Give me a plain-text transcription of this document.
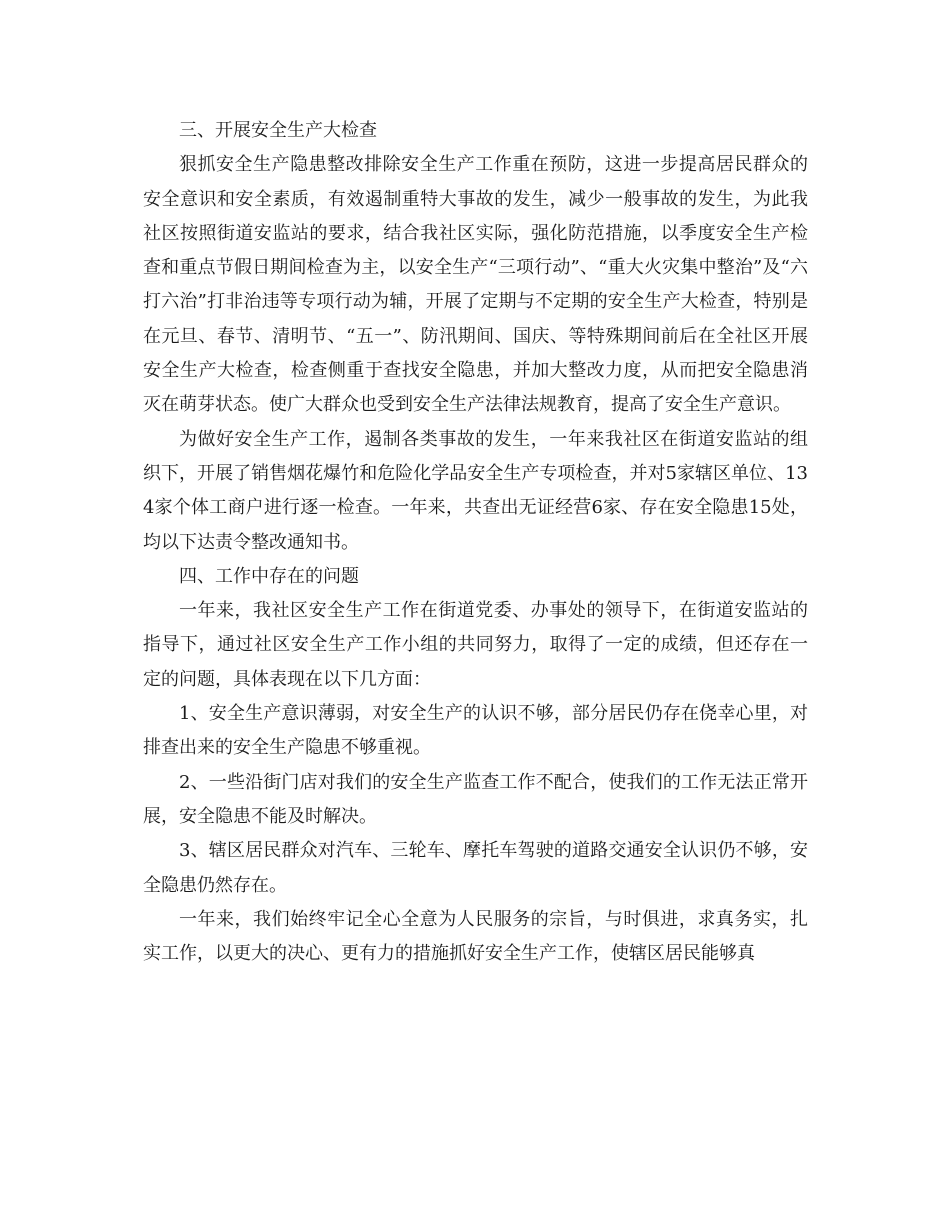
三、开展安全生产大检查

狠抓安全生产隐患整改排除安全生产工作重在预防，这进一步提高居民群众的安全意识和安全素质，有效遏制重特大事故的发生，减少一般事故的发生，为此我社区按照街道安监站的要求，结合我社区实际，强化防范措施，以季度安全生产检查和重点节假日期间检查为主，以安全生产“三项行动”、“重大火灾集中整治”及“六打六治”打非治违等专项行动为辅，开展了定期与不定期的安全生产大检查，特别是在元旦、春节、清明节、“五一”、防汛期间、国庆、等特殊期间前后在全社区开展安全生产大检查，检查侧重于查找安全隐患，并加大整改力度，从而把安全隐患消灭在萌芽状态。使广大群众也受到安全生产法律法规教育，提高了安全生产意识。

为做好安全生产工作，遏制各类事故的发生，一年来我社区在街道安监站的组织下，开展了销售烟花爆竹和危险化学品安全生产专项检查，并对5家辖区单位、134家个体工商户进行逐一检查。一年来，共查出无证经营6家、存在安全隐患15处，均以下达责令整改通知书。

四、工作中存在的问题

一年来，我社区安全生产工作在街道党委、办事处的领导下，在街道安监站的指导下，通过社区安全生产工作小组的共同努力，取得了一定的成绩，但还存在一定的问题，具体表现在以下几方面：

1、安全生产意识薄弱，对安全生产的认识不够，部分居民仍存在侥幸心里，对排查出来的安全生产隐患不够重视。

2、一些沿街门店对我们的安全生产监查工作不配合，使我们的工作无法正常开展，安全隐患不能及时解决。

3、辖区居民群众对汽车、三轮车、摩托车驾驶的道路交通安全认识仍不够，安全隐患仍然存在。

一年来，我们始终牢记全心全意为人民服务的宗旨，与时俱进，求真务实，扎实工作，以更大的决心、更有力的措施抓好安全生产工作，使辖区居民能够真
